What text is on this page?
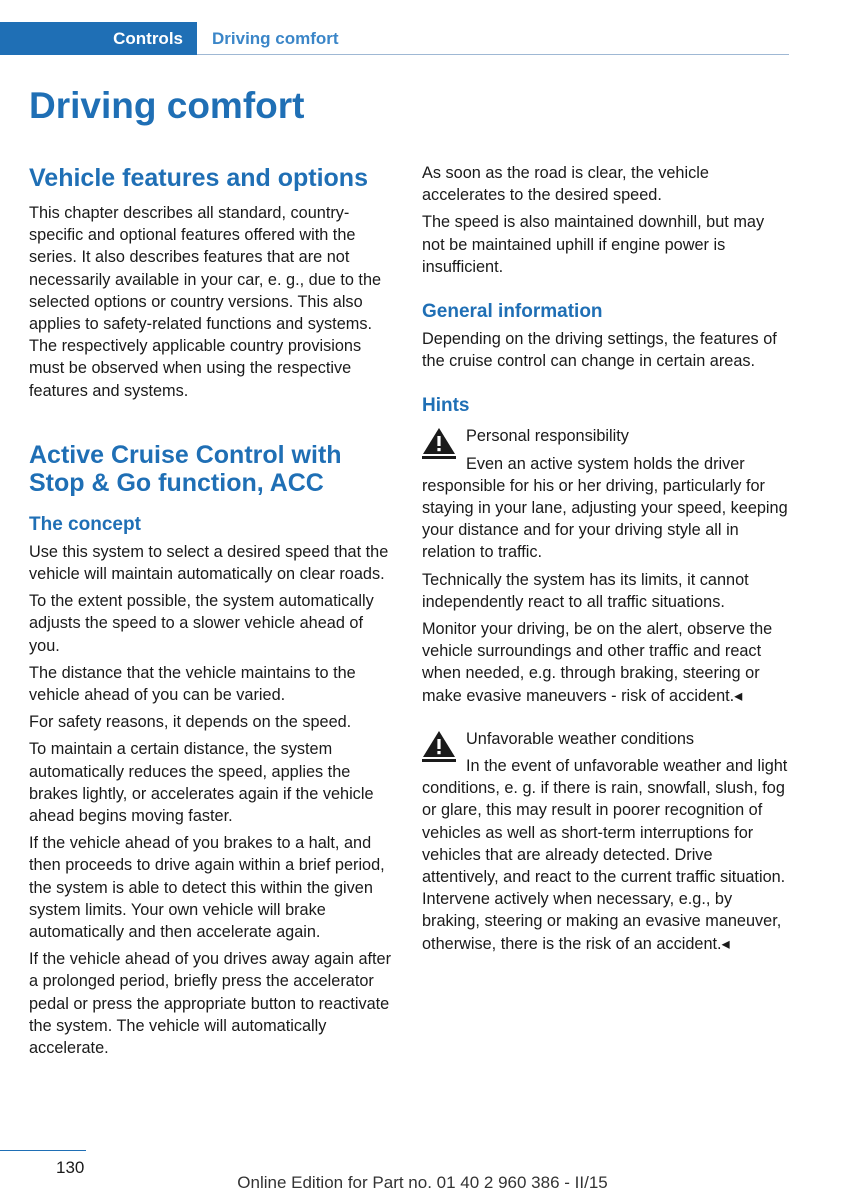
Controls Driving comfort
Driving comfort
Vehicle features and options

This chapter describes all standard, country-specific and optional features offered with the series. It also describes features that are not necessarily available in your car, e. g., due to the selected options or country versions. This also applies to safety-related functions and systems. The respectively applicable country provisions must be observed when using the respective features and systems.

Active Cruise Control with Stop & Go function, ACC
The concept

Use this system to select a desired speed that the vehicle will maintain automatically on clear roads.

To the extent possible, the system automatically adjusts the speed to a slower vehicle ahead of you.

The distance that the vehicle maintains to the vehicle ahead of you can be varied.

For safety reasons, it depends on the speed.

To maintain a certain distance, the system automatically reduces the speed, applies the brakes lightly, or accelerates again if the vehicle ahead begins moving faster.

If the vehicle ahead of you brakes to a halt, and then proceeds to drive again within a brief period, the system is able to detect this within the given system limits. Your own vehicle will brake automatically and then accelerate again.

If the vehicle ahead of you drives away again after a prolonged period, briefly press the accelerator pedal or press the appropriate button to reactivate the system. The vehicle will automatically accelerate.

As soon as the road is clear, the vehicle accelerates to the desired speed.

The speed is also maintained downhill, but may not be maintained uphill if engine power is insufficient.

General information

Depending on the driving settings, the features of the cruise control can change in certain areas.

Hints

Personal responsibility

Even an active system holds the driver responsible for his or her driving, particularly for staying in your lane, adjusting your speed, keeping your distance and for your driving style all in relation to traffic.

Technically the system has its limits, it cannot independently react to all traffic situations.

Monitor your driving, be on the alert, observe the vehicle surroundings and other traffic and react when needed, e.g. through braking, steering or make evasive maneuvers - risk of accident.◂

Unfavorable weather conditions

In the event of unfavorable weather and light conditions, e. g. if there is rain, snowfall, slush, fog or glare, this may result in poorer recognition of vehicles as well as short-term interruptions for vehicles that are already detected. Drive attentively, and react to the current traffic situation. Intervene actively when necessary, e.g., by braking, steering or making an evasive maneuver, otherwise, there is the risk of an accident.◂

130
Online Edition for Part no. 01 40 2 960 386 - II/15
